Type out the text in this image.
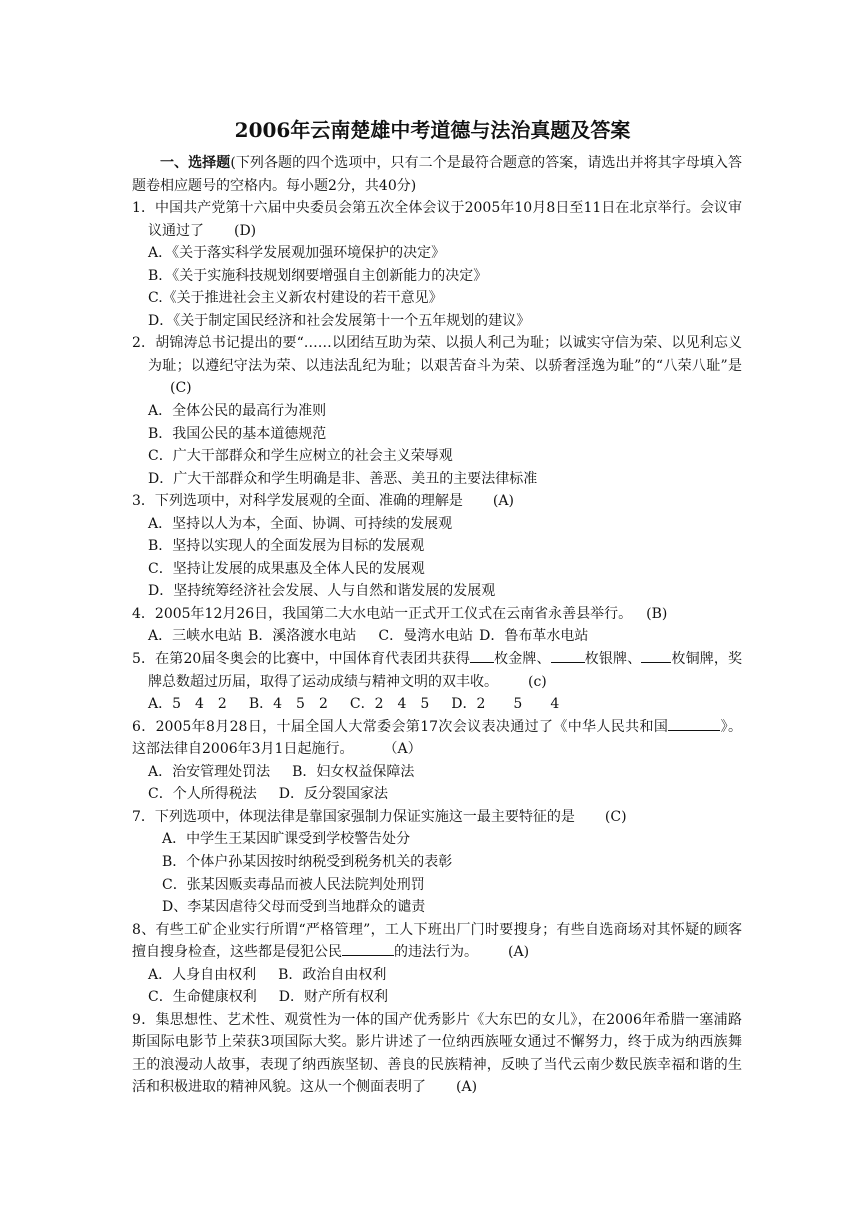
2006年云南楚雄中考道德与法治真题及答案

一、选择题(下列各题的四个选项中，只有二个是最符合题意的答案，请选出并将其字母填入答题卷相应题号的空格内。每小题2分，共40分)

1．中国共产党第十六届中央委员会第五次全体会议于2005年10月8日至11日在北京举行。会议审议通过了 (D)

A．《关于落实科学发展观加强环境保护的决定》

B．《关于实施科技规划纲要增强自主创新能力的决定》

C.《关于推进社会主义新农村建设的若干意见》

D．《关于制定国民经济和社会发展第十一个五年规划的建议》

2．胡锦涛总书记提出的要“……以团结互助为荣、以损人利己为耻；以诚实守信为荣、以见利忘义为耻；以遵纪守法为荣、以违法乱纪为耻；以艰苦奋斗为荣、以骄奢淫逸为耻”的“八荣八耻”是(C)

A．全体公民的最高行为准则

B．我国公民的基本道德规范

C．广大干部群众和学生应树立的社会主义荣辱观

D．广大干部群众和学生明确是非、善恶、美丑的主要法律标准

3．下列选项中，对科学发展观的全面、准确的理解是 (A)

A．坚持以人为本，全面、协调、可持续的发展观

B．坚持以实现人的全面发展为目标的发展观

C．坚持让发展的成果惠及全体人民的发展观

D．坚持统筹经济社会发展、人与自然和谐发展的发展观

4．2005年12月26日，我国第二大水电站一正式开工仪式在云南省永善县举行。 (B)

A．三峡水电站 B．溪洛渡水电站 C．曼湾水电站 D．鲁布革水电站

5．在第20届冬奥会的比赛中，中国体育代表团共获得 枚金牌、 枚银牌、 枚铜牌，奖牌总数超过历届，取得了运动成绩与精神文明的双丰收。 (c)

A．5　4　2 B．4　5　2 C．2　4　5 D．2　　5　　4

6．2005年8月28日，十届全国人大常委会第17次会议表决通过了《中华人民共和国	》。这部法律自2006年3月1日起施行。 （A）

A．治安管理处罚法 B．妇女权益保障法

C．个人所得税法 D．反分裂国家法

7．下列选项中，体现法律是靠国家强制力保证实施这一最主要特征的是 (C)

A．中学生王某因旷课受到学校警告处分

B．个体户孙某因按时纳税受到税务机关的表彰

C．张某因贩卖毒品而被人民法院判处刑罚

D、李某因虐待父母而受到当地群众的谴责

8、有些工矿企业实行所谓“严格管理”，工人下班出厂门时要搜身；有些自选商场对其怀疑的顾客擅自搜身检查，这些都是侵犯公民	的违法行为。 (A)

A．人身自由权利 B．政治自由权利

C．生命健康权利 D．财产所有权利

9．集思想性、艺术性、观赏性为一体的国产优秀影片《大东巴的女儿》，在2006年希腊一塞浦路斯国际电影节上荣获3项国际大奖。影片讲述了一位纳西族哑女通过不懈努力，终于成为纳西族舞王的浪漫动人故事，表现了纳西族坚韧、善良的民族精神，反映了当代云南少数民族幸福和谐的生活和积极进取的精神风貌。这从一个侧面表明了 (A)
